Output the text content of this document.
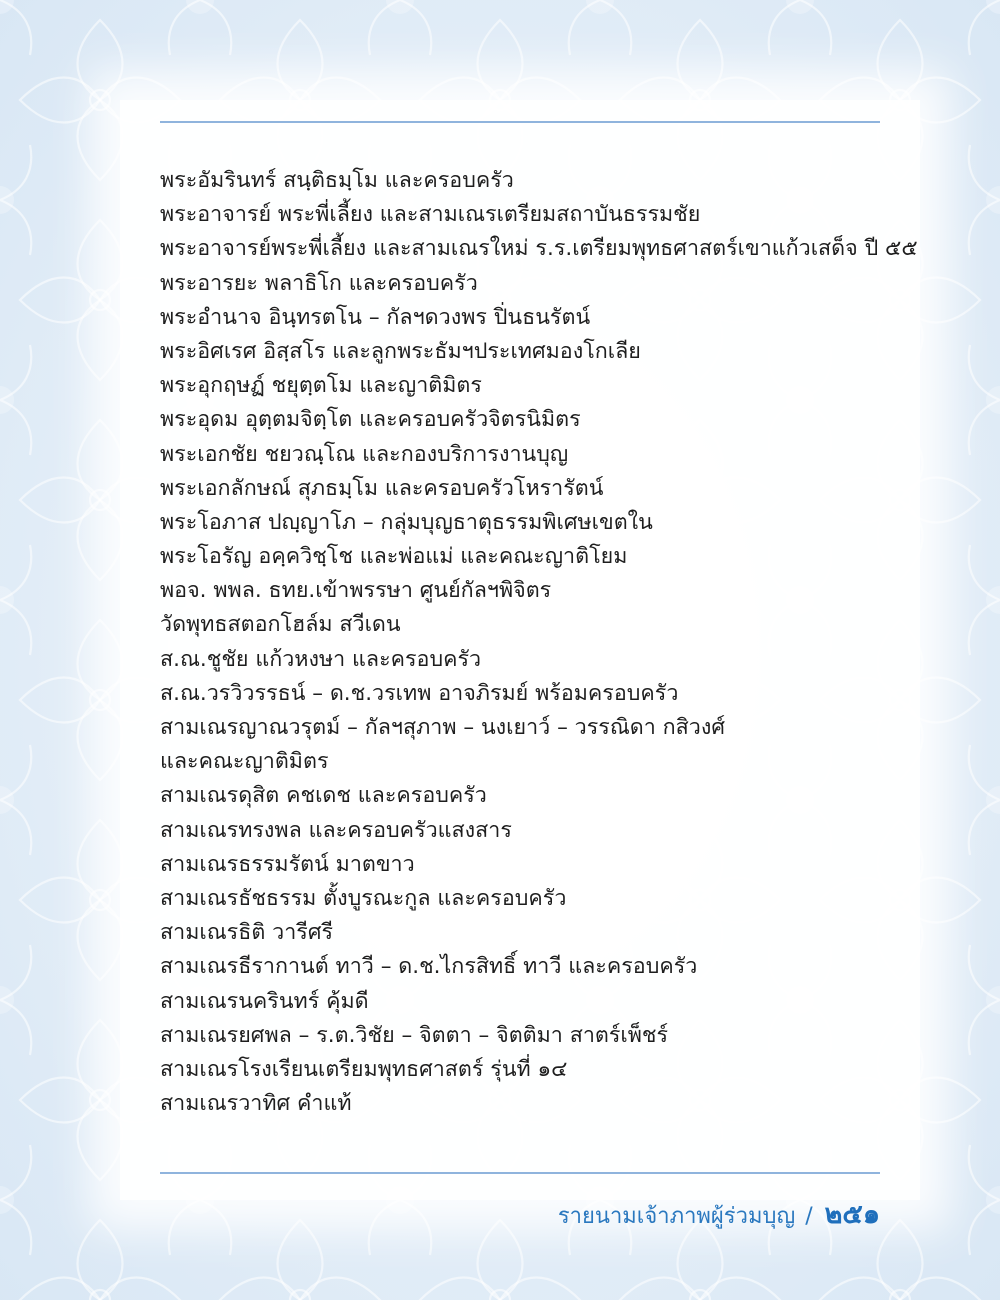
พระอัมรินทร์ สนฺติธมฺโม และครอบครัว
พระอาจารย์ พระพี่เลี้ยง และสามเณรเตรียมสถาบันธรรมชัย
พระอาจารย์พระพี่เลี้ยง และสามเณรใหม่ ร.ร.เตรียมพุทธศาสตร์เขาแก้วเสด็จ ปี ๕๕
พระอารยะ พลาธิโก และครอบครัว
พระอำนาจ อินฺทรตโน – กัลฯดวงพร ปิ่นธนรัตน์
พระอิศเรศ อิสฺสโร และลูกพระธัมฯประเทศมองโกเลีย
พระอุกฤษฏ์ ชยุตฺตโม และญาติมิตร
พระอุดม อุตฺตมจิตฺโต และครอบครัวจิตรนิมิตร
พระเอกชัย ชยวณฺโณ และกองบริการงานบุญ
พระเอกลักษณ์ สุภธมฺโม และครอบครัวโหรารัตน์
พระโอภาส ปญฺญาโภ – กลุ่มบุญธาตุธรรมพิเศษเขตใน
พระโอรัญ อคฺควิชฺโช และพ่อแม่ และคณะญาติโยม
พอจ. พพล. ธทย.เข้าพรรษา ศูนย์กัลฯพิจิตร
วัดพุทธสตอกโฮล์ม สวีเดน
ส.ณ.ชูชัย แก้วหงษา และครอบครัว
ส.ณ.วรวิวรรธน์ – ด.ช.วรเทพ อาจภิรมย์ พร้อมครอบครัว
สามเณรญาณวรุตม์ – กัลฯสุภาพ – นงเยาว์ – วรรณิดา กสิวงศ์
และคณะญาติมิตร
สามเณรดุสิต คชเดช และครอบครัว
สามเณรทรงพล และครอบครัวแสงสาร
สามเณรธรรมรัตน์ มาตขาว
สามเณรธัชธรรม ตั้งบูรณะกูล และครอบครัว
สามเณรธิติ วารีศรี
สามเณรธีรากานต์ ทาวี – ด.ช.ไกรสิทธิ์ ทาวี และครอบครัว
สามเณรนครินทร์ คุ้มดี
สามเณรยศพล – ร.ต.วิชัย – จิตตา – จิตติมา สาตร์เพ็ชร์
สามเณรโรงเรียนเตรียมพุทธศาสตร์ รุ่นที่ ๑๔
สามเณรวาทิศ คำแท้
รายนามเจ้าภาพผู้ร่วมบุญ / ๒๕๑
